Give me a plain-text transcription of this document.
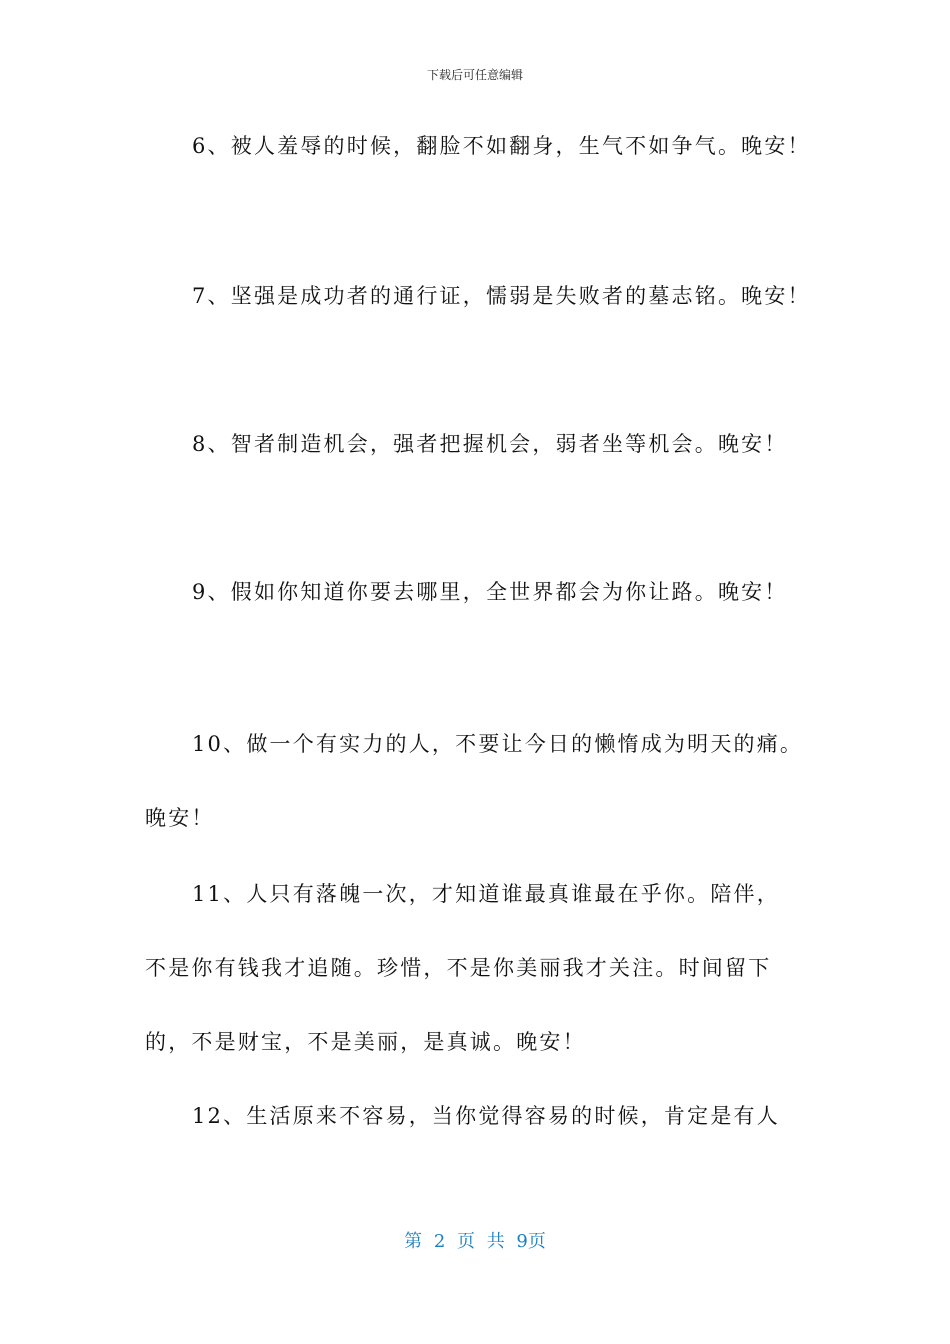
下载后可任意编辑
6、被人羞辱的时候，翻脸不如翻身，生气不如争气。晚安！
7、坚强是成功者的通行证，懦弱是失败者的墓志铭。晚安！
8、智者制造机会，强者把握机会，弱者坐等机会。晚安！
9、假如你知道你要去哪里，全世界都会为你让路。晚安！
10、做一个有实力的人，不要让今日的懒惰成为明天的痛。
晚安！
11、人只有落魄一次，才知道谁最真谁最在乎你。陪伴，
不是你有钱我才追随。珍惜，不是你美丽我才关注。时间留下
的，不是财宝，不是美丽，是真诚。晚安！
12、生活原来不容易，当你觉得容易的时候，肯定是有人
第 2 页 共 9页
